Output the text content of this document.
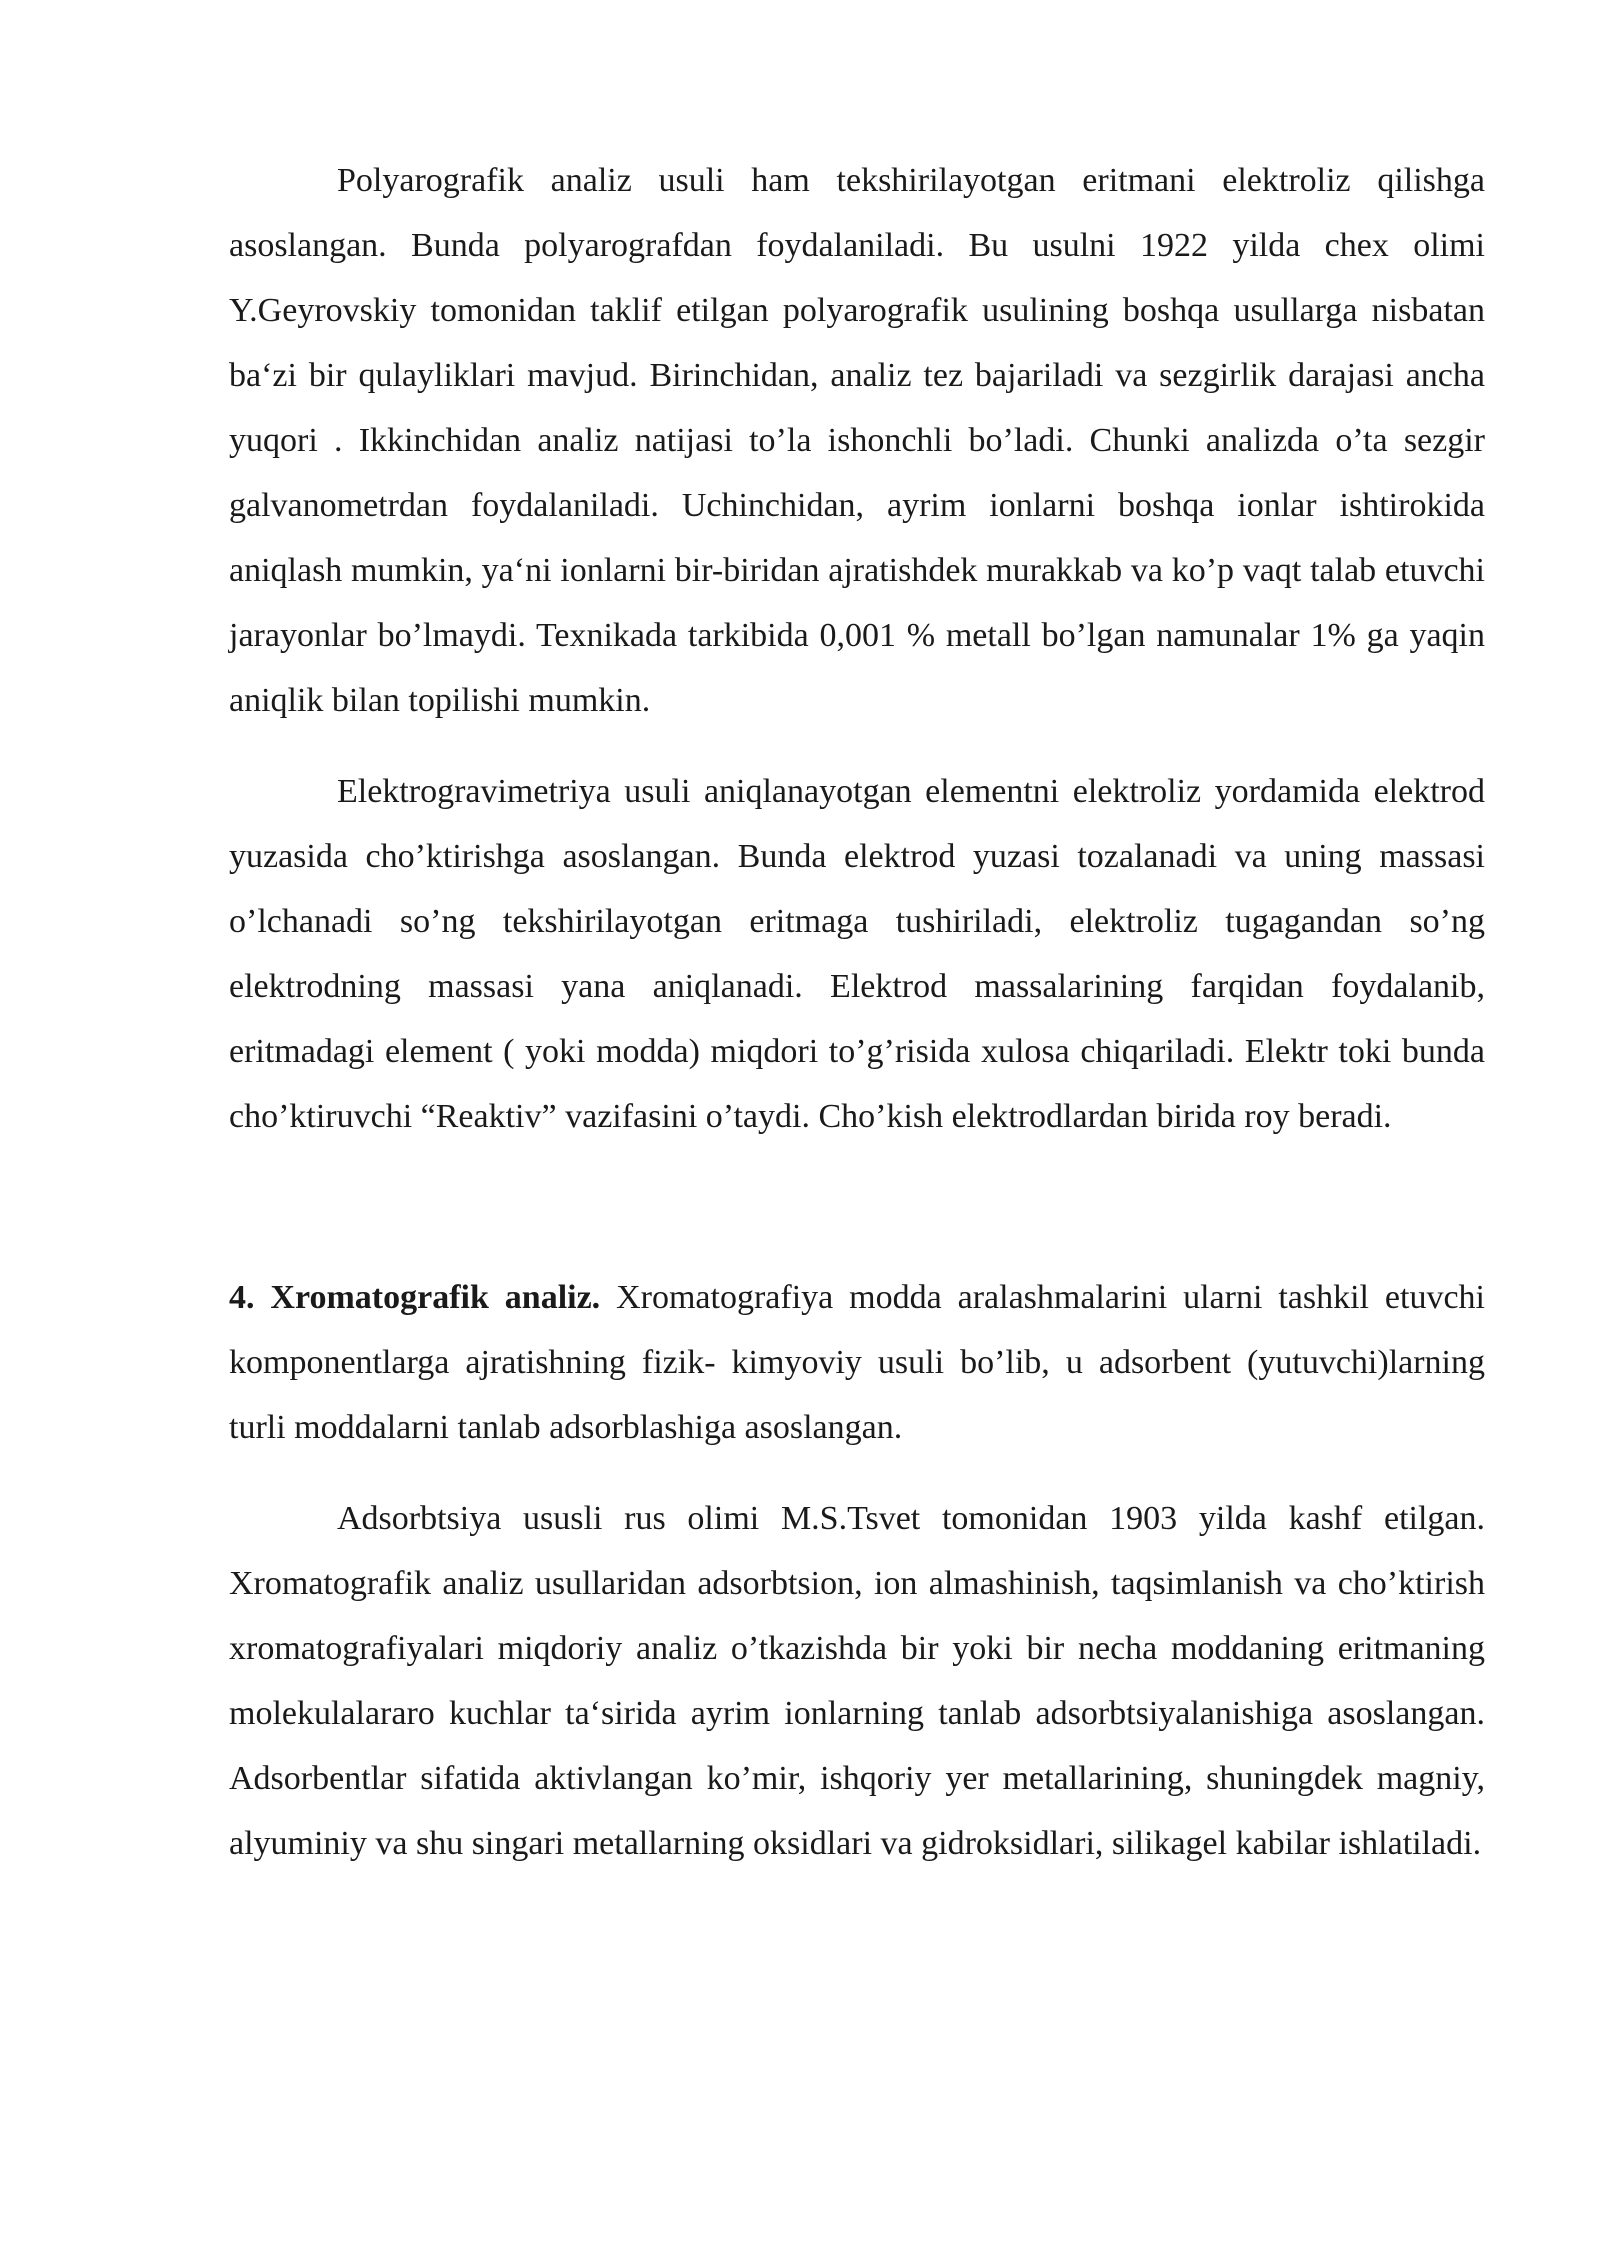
Polyarografik analiz usuli ham tekshirilayotgan eritmani elektroliz qilishga asoslangan. Bunda polyarografdan foydalaniladi. Bu usulni 1922 yilda chex olimi Y.Geyrovskiy tomonidan taklif etilgan polyarografik usulining boshqa usullarga nisbatan ba‘zi bir qulayliklari mavjud. Birinchidan, analiz tez bajariladi va sezgirlik darajasi ancha yuqori . Ikkinchidan analiz natijasi to’la ishonchli bo’ladi. Chunki analizda o’ta sezgir galvanometrdan foydalaniladi. Uchinchidan, ayrim ionlarni boshqa ionlar ishtirokida aniqlash mumkin, ya‘ni ionlarni bir-biridan ajratishdek murakkab va ko’p vaqt talab etuvchi jarayonlar bo’lmaydi. Texnikada tarkibida 0,001 % metall bo’lgan namunalar 1% ga yaqin aniqlik bilan topilishi mumkin.

Elektrogravimetriya usuli aniqlanayotgan elementni elektroliz yordamida elektrod yuzasida cho’ktirishga asoslangan. Bunda elektrod yuzasi tozalanadi va uning massasi o’lchanadi so’ng tekshirilayotgan eritmaga tushiriladi, elektroliz tugagandan so’ng elektrodning massasi yana aniqlanadi. Elektrod massalarining farqidan foydalanib, eritmadagi element ( yoki modda) miqdori to’g’risida xulosa chiqariladi. Elektr toki bunda cho’ktiruvchi “Reaktiv” vazifasini o’taydi. Cho’kish elektrodlardan birida roy beradi.

4. Xromatografik analiz. Xromatografiya modda aralashmalarini ularni tashkil etuvchi komponentlarga ajratishning fizik- kimyoviy usuli bo’lib, u adsorbent (yutuvchi)larning turli moddalarni tanlab adsorblashiga asoslangan.

Adsorbtsiya ususli rus olimi M.S.Tsvet tomonidan 1903 yilda kashf etilgan. Xromatografik analiz usullaridan adsorbtsion, ion almashinish, taqsimlanish va cho’ktirish xromatografiyalari miqdoriy analiz o’tkazishda bir yoki bir necha moddaning eritmaning molekulalararo kuchlar ta‘sirida ayrim ionlarning tanlab adsorbtsiyalanishiga asoslangan. Adsorbentlar sifatida aktivlangan ko’mir, ishqoriy yer metallarining, shuningdek magniy, alyuminiy va shu singari metallarning oksidlari va gidroksidlari, silikagel kabilar ishlatiladi.
